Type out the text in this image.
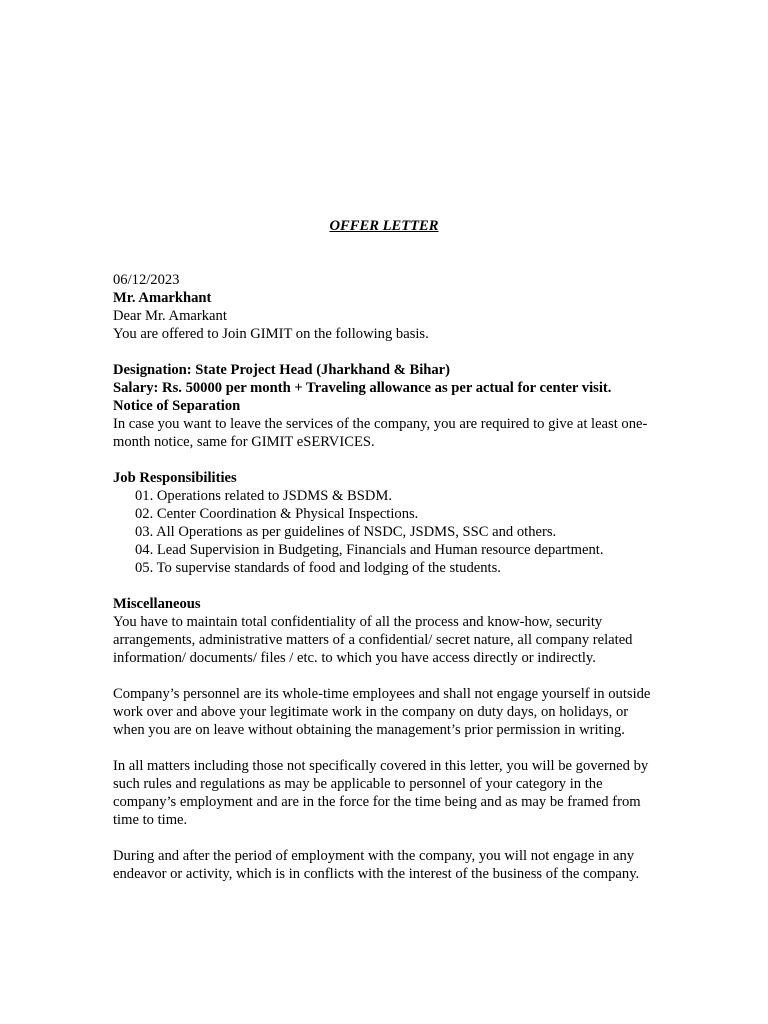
OFFER LETTER
06/12/2023
Mr. Amarkhant
Dear Mr. Amarkant
You are offered to Join GIMIT on the following basis.
Designation: State Project Head (Jharkhand & Bihar)
Salary: Rs. 50000 per month + Traveling allowance as per actual for center visit.
Notice of Separation

In case you want to leave the services of the company, you are required to give at least one-month notice, same for GIMIT eSERVICES.

Job Responsibilities
01. Operations related to JSDMS & BSDM.
02. Center Coordination & Physical Inspections.
03. All Operations as per guidelines of NSDC, JSDMS, SSC and others.
04. Lead Supervision in Budgeting, Financials and Human resource department.
05. To supervise standards of food and lodging of the students.
Miscellaneous

You have to maintain total confidentiality of all the process and know-how, security arrangements, administrative matters of a confidential/ secret nature, all company related information/ documents/ files / etc. to which you have access directly or indirectly.

Company’s personnel are its whole-time employees and shall not engage yourself in outside work over and above your legitimate work in the company on duty days, on holidays, or when you are on leave without obtaining the management’s prior permission in writing.

In all matters including those not specifically covered in this letter, you will be governed by such rules and regulations as may be applicable to personnel of your category in the company’s employment and are in the force for the time being and as may be framed from time to time.

During and after the period of employment with the company, you will not engage in any endeavor or activity, which is in conflicts with the interest of the business of the company.
